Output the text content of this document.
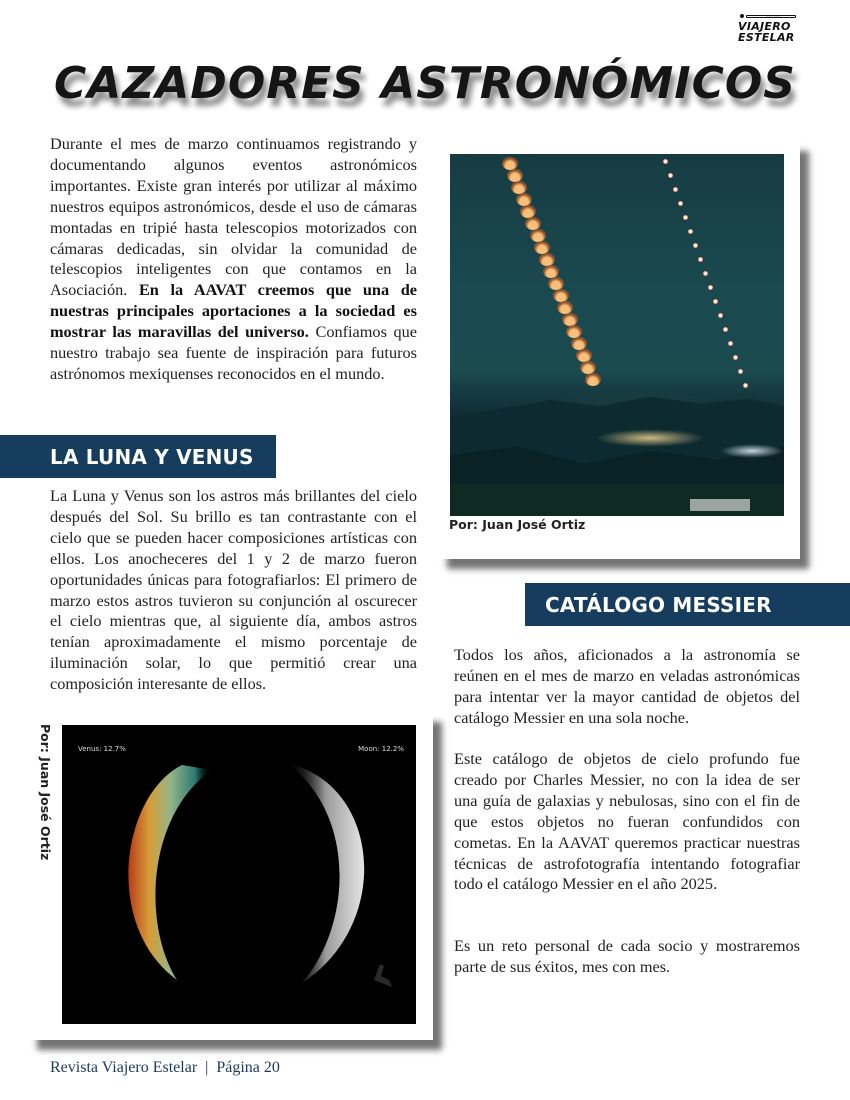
VIAJERO
ESTELAR
CAZADORES ASTRONÓMICOS

Durante el mes de marzo continuamos registrando y documentando algunos eventos astronómicos importantes. Existe gran interés por utilizar al máximo nuestros equipos astronómicos, desde el uso de cámaras montadas en tripié hasta telescopios motorizados con cámaras dedicadas, sin olvidar la comunidad de telescopios inteligentes con que contamos en la Asociación. En la AAVAT creemos que una de nuestras principales aportaciones a la sociedad es mostrar las maravillas del universo. Confiamos que nuestro trabajo sea fuente de inspiración para futuros astrónomos mexiquenses reconocidos en el mundo.

LA LUNA Y VENUS

La Luna y Venus son los astros más brillantes del cielo después del Sol. Su brillo es tan contrastante con el cielo que se pueden hacer composiciones artísticas con ellos. Los anocheceres del 1 y 2 de marzo fueron oportunidades únicas para fotografiarlos: El primero de marzo estos astros tuvieron su conjunción al oscurecer el cielo mientras que, al siguiente día, ambos astros tenían aproximadamente el mismo porcentaje de iluminación solar, lo que permitió crear una composición interesante de ellos.

Por: Juan José Ortiz
CATÁLOGO MESSIER

Todos los años, aficionados a la astronomía se reúnen en el mes de marzo en veladas astronómicas para intentar ver la mayor cantidad de objetos del catálogo Messier en una sola noche.

Este catálogo de objetos de cielo profundo fue creado por Charles Messier, no con la idea de ser una guía de galaxias y nebulosas, sino con el fin de que estos objetos no fueran confundidos con cometas. En la AAVAT queremos practicar nuestras técnicas de astrofotografía intentando fotografiar todo el catálogo Messier en el año 2025.

Es un reto personal de cada socio y mostraremos parte de sus éxitos, mes con mes.

Por: Juan José Ortiz	Venus: 12.7%	Moon: 12.2%
Revista Viajero Estelar | Página 20
